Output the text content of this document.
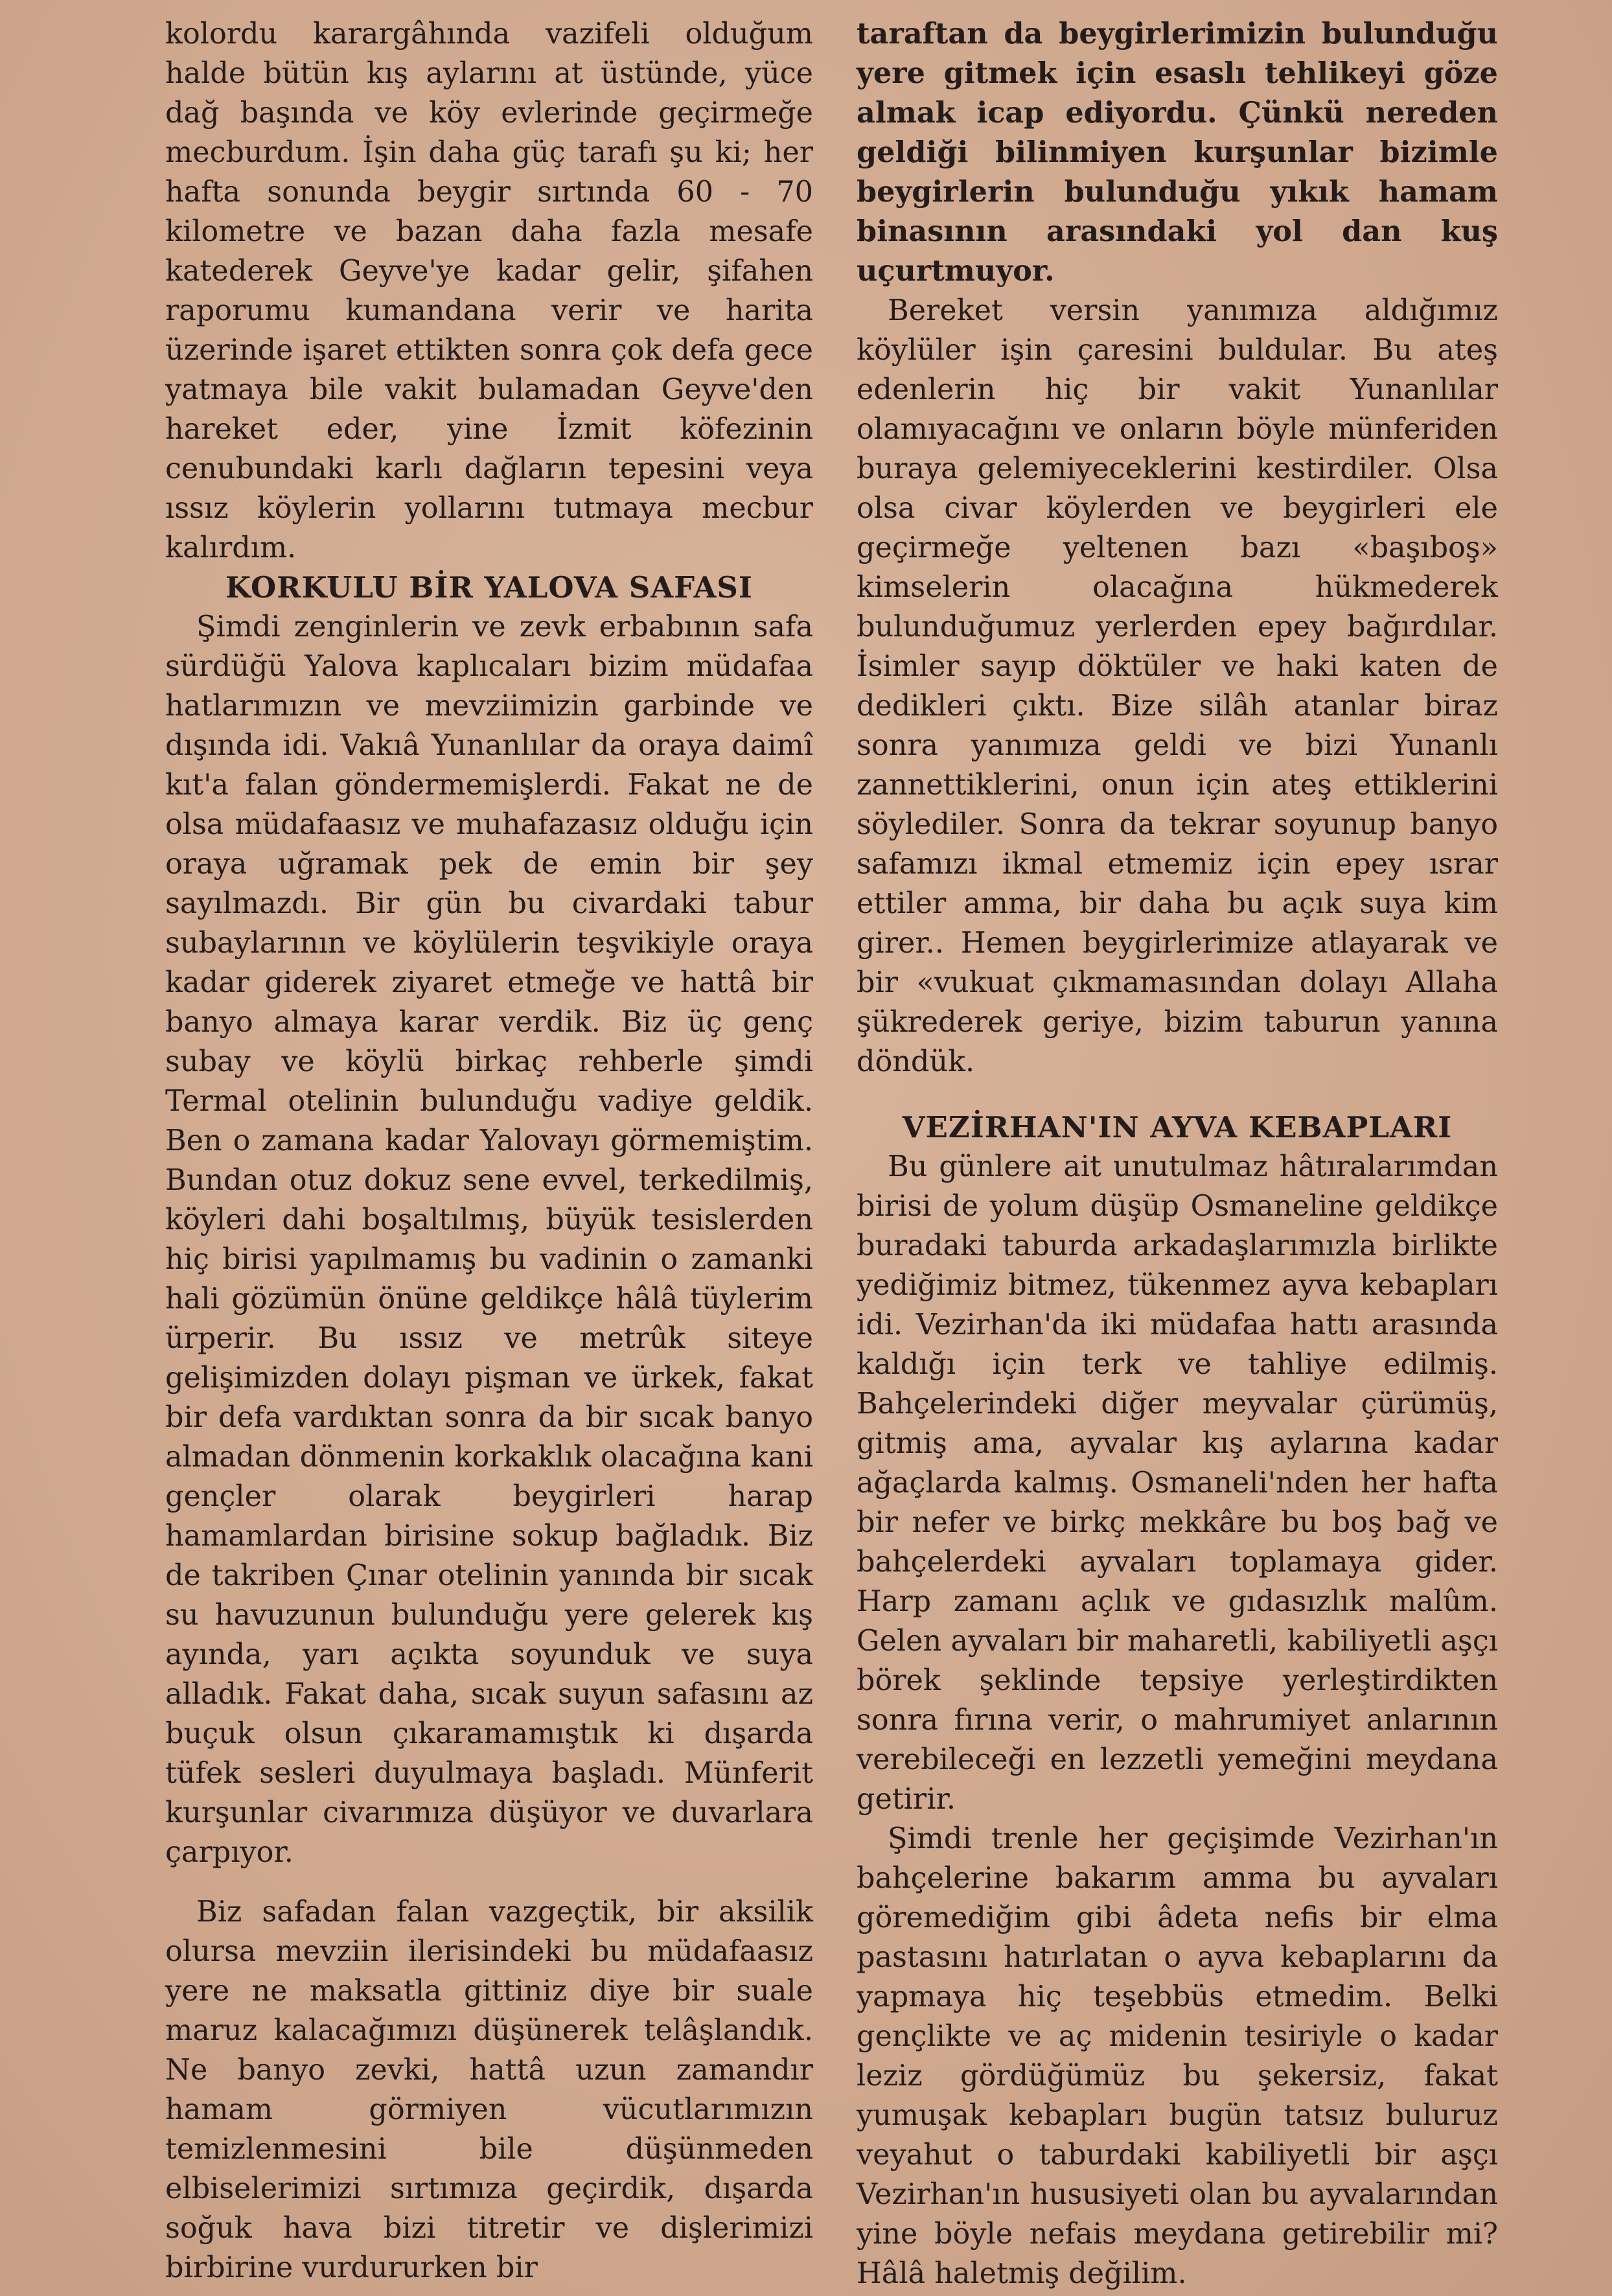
kolordu karargâhında vazifeli olduğum halde bütün kış aylarını at üstünde, yüce dağ başında ve köy evlerinde geçirmeğe mecburdum. İşin daha güç tarafı şu ki; her hafta sonunda beygir sırtında 60 - 70 kilometre ve bazan daha fazla mesafe katederek Geyve'ye kadar gelir, şifahen raporumu kumandana verir ve harita üzerinde işaret ettikten sonra çok defa gece yatmaya bile vakit bulamadan Geyve'den hareket eder, yine İzmit köfezinin cenubundaki karlı dağların tepesini veya ıssız köylerin yollarını tutmaya mecbur kalırdım.

KORKULU BİR YALOVA SAFASI

Şimdi zenginlerin ve zevk erbabının safa sürdüğü Yalova kaplıcaları bizim müdafaa hatlarımızın ve mevziimizin garbinde ve dışında idi. Vakıâ Yunanlılar da oraya daimî kıt'a falan göndermemişlerdi. Fakat ne de olsa müdafaasız ve muhafazasız olduğu için oraya uğramak pek de emin bir şey sayılmazdı. Bir gün bu civardaki tabur subaylarının ve köylülerin teşvikiyle oraya kadar giderek ziyaret etmeğe ve hattâ bir banyo almaya karar verdik. Biz üç genç subay ve köylü birkaç rehberle şimdi Termal otelinin bulunduğu vadiye geldik. Ben o zamana kadar Yalovayı görmemiştim. Bundan otuz dokuz sene evvel, terkedilmiş, köyleri dahi boşaltılmış, büyük tesislerden hiç birisi yapılmamış bu vadinin o zamanki hali gözümün önüne geldikçe hâlâ tüylerim ürperir. Bu ıssız ve metrûk siteye gelişimizden dolayı pişman ve ürkek, fakat bir defa vardıktan sonra da bir sıcak banyo almadan dönmenin korkaklık olacağına kani gençler olarak beygirleri harap hamamlardan birisine sokup bağladık. Biz de takriben Çınar otelinin yanında bir sıcak su havuzunun bulunduğu yere gelerek kış ayında, yarı açıkta soyunduk ve suya alladık. Fakat daha, sıcak suyun safasını az buçuk olsun çıkaramamıştık ki dışarda tüfek sesleri duyulmaya başladı. Münferit kurşunlar civarımıza düşüyor ve duvarlara çarpıyor.

Biz safadan falan vazgeçtik, bir aksilik olursa mevziin ilerisindeki bu müdafaasız yere ne maksatla gittiniz diye bir suale maruz kalacağımızı düşünerek telâşlandık. Ne banyo zevki, hattâ uzun zamandır hamam görmiyen vücutlarımızın temizlenmesini bile düşünmeden elbiselerimizi sırtımıza geçirdik, dışarda soğuk hava bizi titretir ve dişlerimizi birbirine vurdururken bir

taraftan da beygirlerimizin bulunduğu yere gitmek için esaslı tehlikeyi göze almak icap ediyordu. Çünkü nereden geldiği bilinmiyen kurşunlar bizimle beygirlerin bulunduğu yıkık hamam binasının arasındaki yol dan kuş uçurtmuyor.

Bereket versin yanımıza aldığımız köylüler işin çaresini buldular. Bu ateş edenlerin hiç bir vakit Yunanlılar olamıyacağını ve onların böyle münferiden buraya gelemiyeceklerini kestirdiler. Olsa olsa civar köylerden ve beygirleri ele geçirmeğe yeltenen bazı «başıboş» kimselerin olacağına hükmederek bulunduğumuz yerlerden epey bağırdılar. İsimler sayıp döktüler ve haki katen de dedikleri çıktı. Bize silâh atanlar biraz sonra yanımıza geldi ve bizi Yunanlı zannettiklerini, onun için ateş ettiklerini söylediler. Sonra da tekrar soyunup banyo safamızı ikmal etmemiz için epey ısrar ettiler amma, bir daha bu açık suya kim girer.. Hemen beygirlerimize atlayarak ve bir «vukuat çıkmamasından dolayı Allaha şükrederek geriye, bizim taburun yanına döndük.

VEZİRHAN'IN AYVA KEBAPLARI

Bu günlere ait unutulmaz hâtıralarımdan birisi de yolum düşüp Osmaneline geldikçe buradaki taburda arkadaşlarımızla birlikte yediğimiz bitmez, tükenmez ayva kebapları idi. Vezirhan'da iki müdafaa hattı arasında kaldığı için terk ve tahliye edilmiş. Bahçelerindeki diğer meyvalar çürümüş, gitmiş ama, ayvalar kış aylarına kadar ağaçlarda kalmış. Osmaneli'nden her hafta bir nefer ve birkç mekkâre bu boş bağ ve bahçelerdeki ayvaları toplamaya gider. Harp zamanı açlık ve gıdasızlık malûm. Gelen ayvaları bir maharetli, kabiliyetli aşçı börek şeklinde tepsiye yerleştirdikten sonra fırına verir, o mahrumiyet anlarının verebileceği en lezzetli yemeğini meydana getirir.

Şimdi trenle her geçişimde Vezirhan'ın bahçelerine bakarım amma bu ayvaları göremediğim gibi âdeta nefis bir elma pastasını hatırlatan o ayva kebaplarını da yapmaya hiç teşebbüs etmedim. Belki gençlikte ve aç midenin tesiriyle o kadar leziz gördüğümüz bu şekersiz, fakat yumuşak kebapları bugün tatsız buluruz veyahut o taburdaki kabiliyetli bir aşçı Vezirhan'ın hususiyeti olan bu ayvalarından yine böyle nefais meydana getirebilir mi? Hâlâ haletmiş değilim.
